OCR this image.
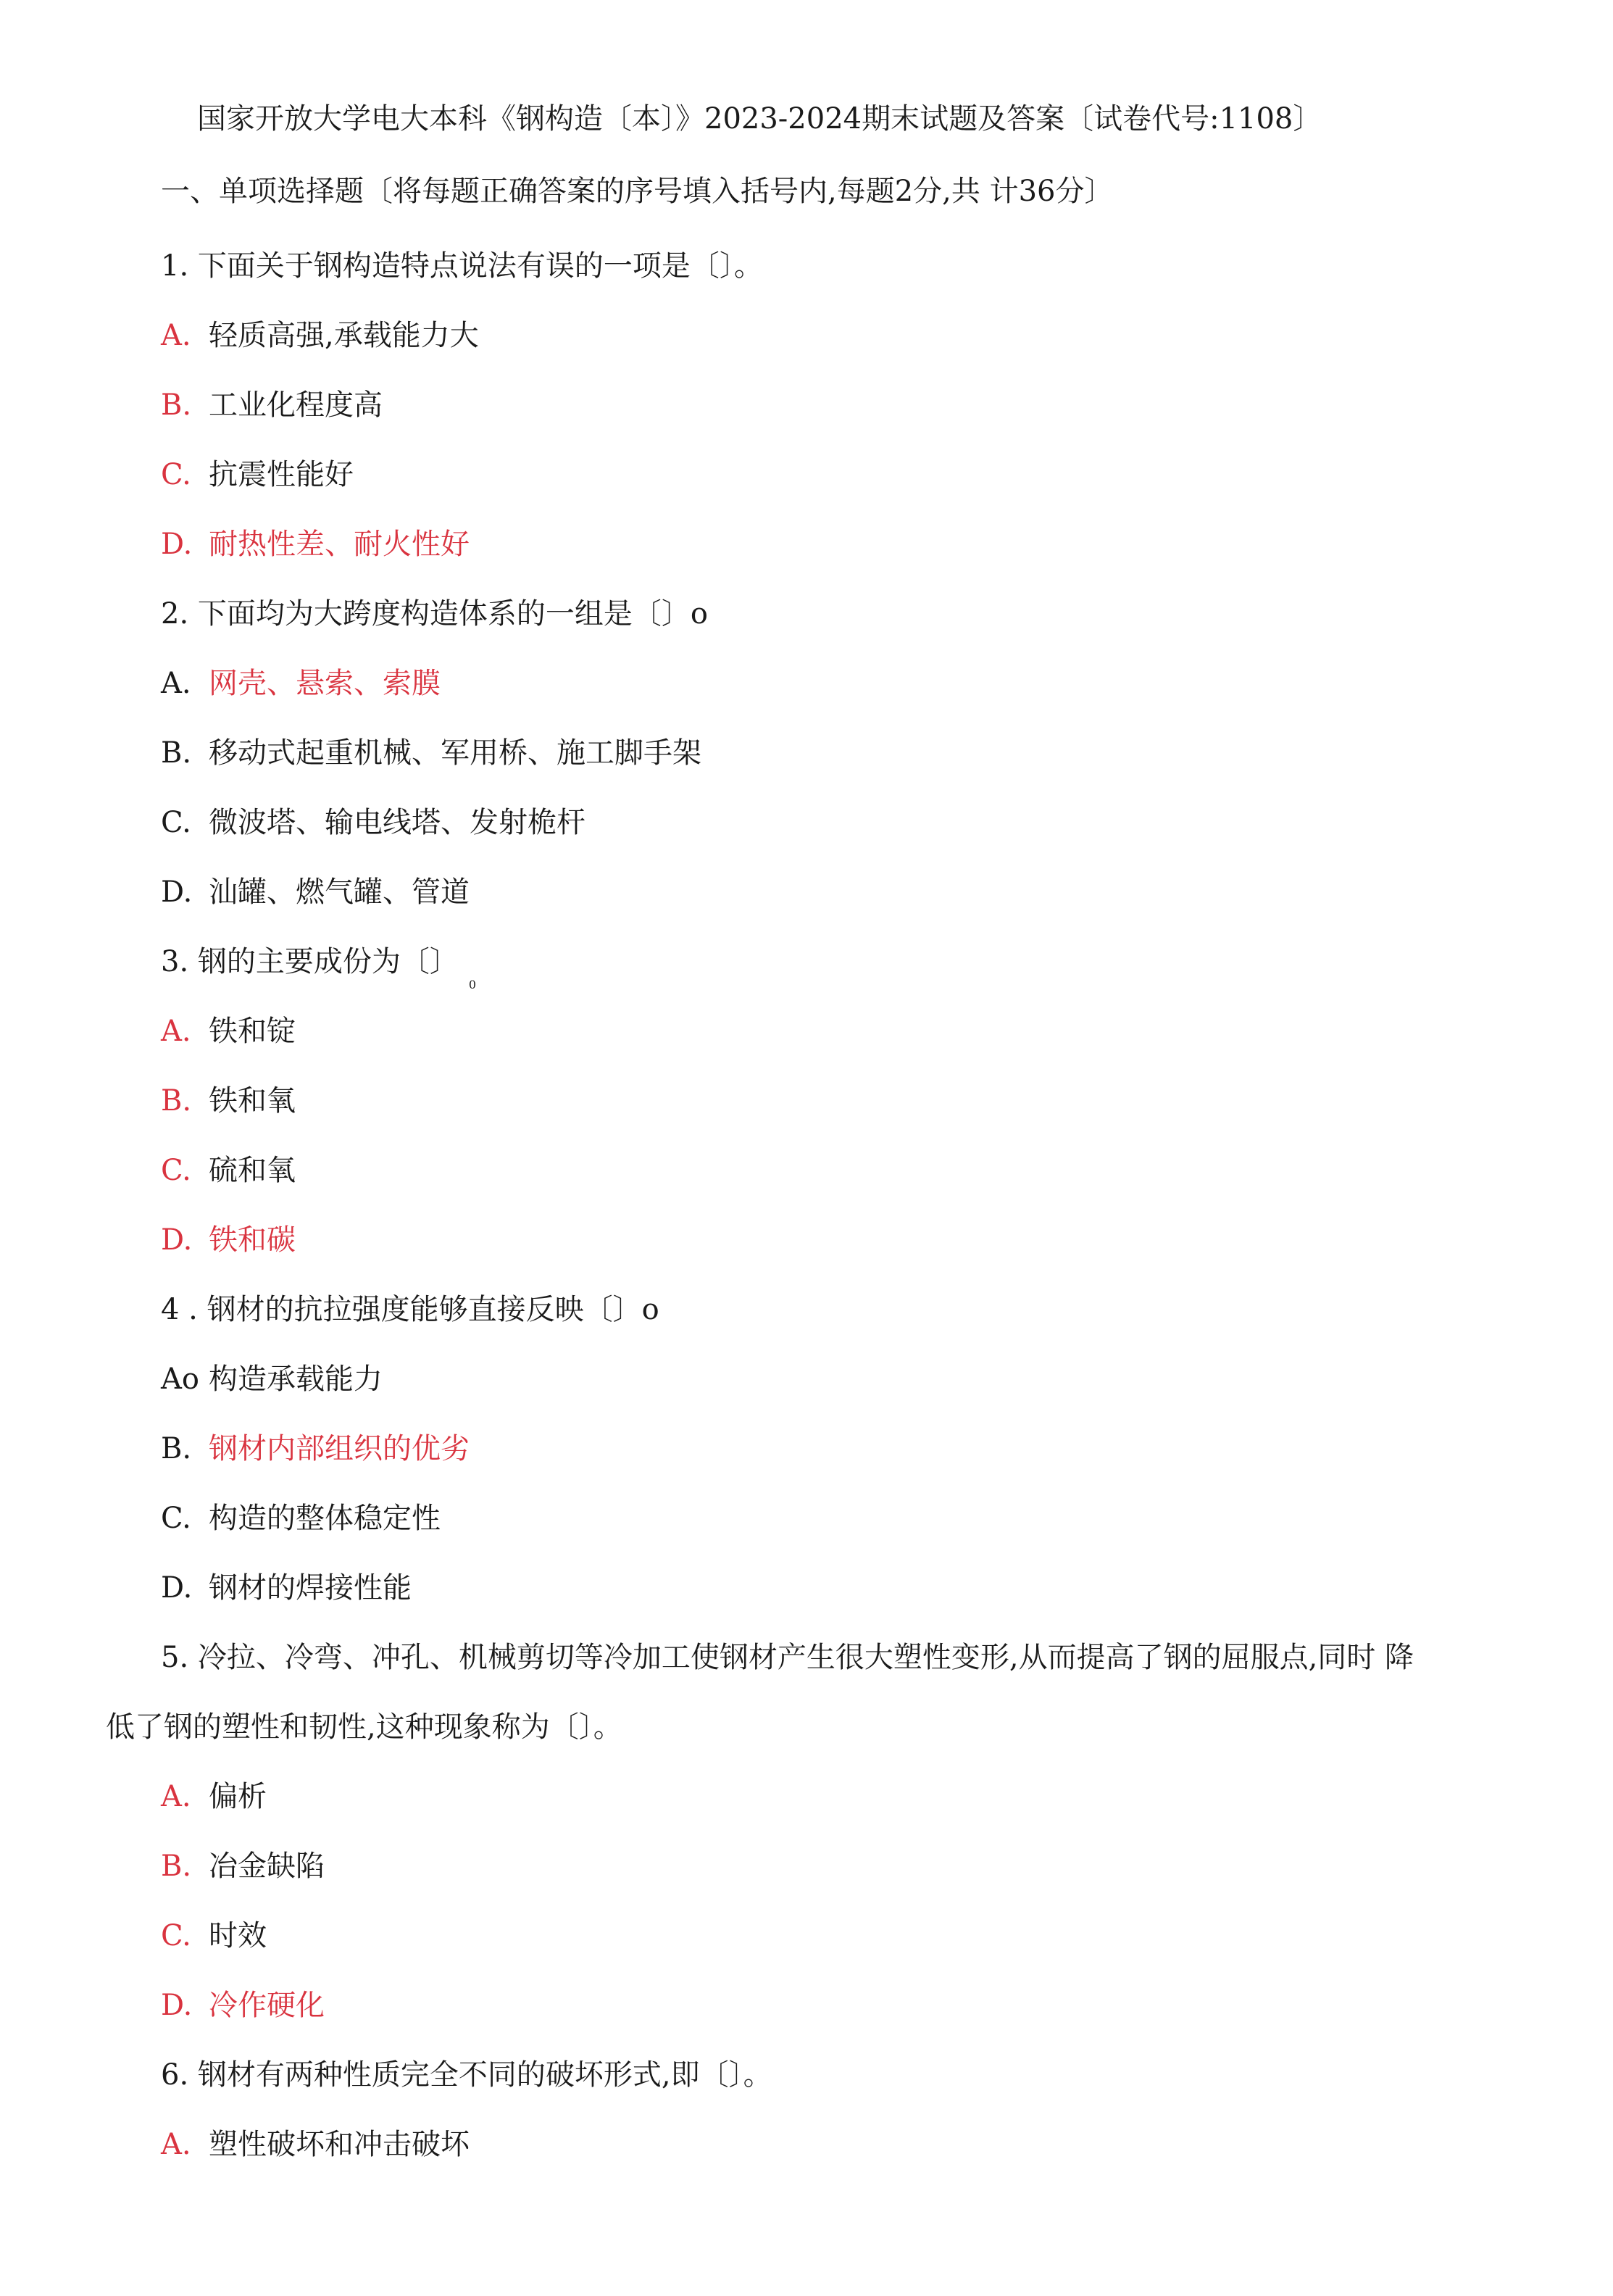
国家开放大学电大本科《钢构造〔本〕》2023-2024期末试题及答案〔试卷代号:1108〕
一、单项选择题〔将每题正确答案的序号填入括号内,每题2分,共 计36分〕
1. 下面关于钢构造特点说法有误的一项是〔〕。
A. 轻质高强,承载能力大
B. 工业化程度高
C. 抗震性能好
D. 耐热性差、耐火性好
2. 下面均为大跨度构造体系的一组是〔〕o
A. 网壳、悬索、索膜
B. 移动式起重机械、军用桥、施工脚手架
C. 微波塔、输电线塔、发射桅杆
D. 汕罐、燃气罐、管道
3. 钢的主要成份为〔〕$_0$
A. 铁和锭
B. 铁和氧
C. 硫和氧
D. 铁和碳
4 . 钢材的抗拉强度能够直接反映〔〕o
Ao 构造承载能力
B. 钢材内部组织的优劣
C. 构造的整体稳定性
D. 钢材的焊接性能
5. 冷拉、冷弯、冲孔、机械剪切等冷加工使钢材产生很大塑性变形,从而提高了钢的屈服点,同时 降
低了钢的塑性和韧性,这种现象称为〔〕。
A. 偏析
B. 冶金缺陷
C. 时效
D. 冷作硬化
6. 钢材有两种性质完全不同的破坏形式,即〔〕。
A. 塑性破坏和冲击破坏
